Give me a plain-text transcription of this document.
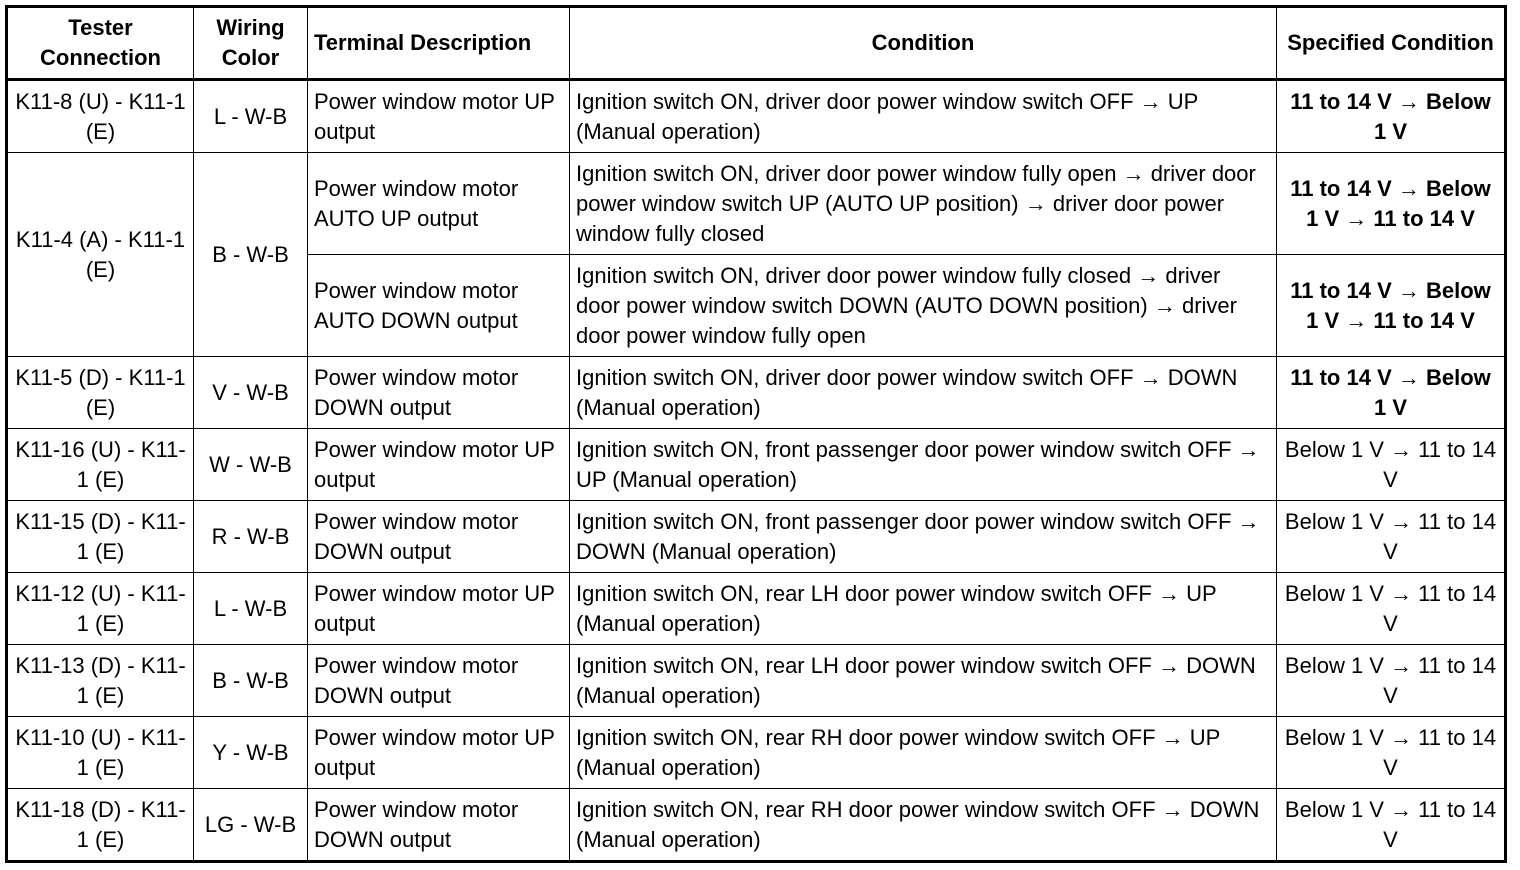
Tester Connection	Wiring Color	Terminal Description	Condition	Specified Condition
K11-8 (U) - K11-1 (E)	L - W-B	Power window motor UP output	Ignition switch ON, driver door power window switch OFF → UP (Manual operation)	11 to 14 V → Below 1 V
K11-4 (A) - K11-1 (E)	B - W-B	Power window motor AUTO UP output	Ignition switch ON, driver door power window fully open → driver door power window switch UP (AUTO UP position) → driver door power window fully closed	11 to 14 V → Below 1 V → 11 to 14 V
		Power window motor AUTO DOWN output	Ignition switch ON, driver door power window fully closed → driver door power window switch DOWN (AUTO DOWN position) → driver door power window fully open	11 to 14 V → Below 1 V → 11 to 14 V
K11-5 (D) - K11-1 (E)	V - W-B	Power window motor DOWN output	Ignition switch ON, driver door power window switch OFF → DOWN (Manual operation)	11 to 14 V → Below 1 V
K11-16 (U) - K11-1 (E)	W - W-B	Power window motor UP output	Ignition switch ON, front passenger door power window switch OFF → UP (Manual operation)	Below 1 V → 11 to 14 V
K11-15 (D) - K11-1 (E)	R - W-B	Power window motor DOWN output	Ignition switch ON, front passenger door power window switch OFF → DOWN (Manual operation)	Below 1 V → 11 to 14 V
K11-12 (U) - K11-1 (E)	L - W-B	Power window motor UP output	Ignition switch ON, rear LH door power window switch OFF → UP (Manual operation)	Below 1 V → 11 to 14 V
K11-13 (D) - K11-1 (E)	B - W-B	Power window motor DOWN output	Ignition switch ON, rear LH door power window switch OFF → DOWN (Manual operation)	Below 1 V → 11 to 14 V
K11-10 (U) - K11-1 (E)	Y - W-B	Power window motor UP output	Ignition switch ON, rear RH door power window switch OFF → UP (Manual operation)	Below 1 V → 11 to 14 V
K11-18 (D) - K11-1 (E)	LG - W-B	Power window motor DOWN output	Ignition switch ON, rear RH door power window switch OFF → DOWN (Manual operation)	Below 1 V → 11 to 14 V
